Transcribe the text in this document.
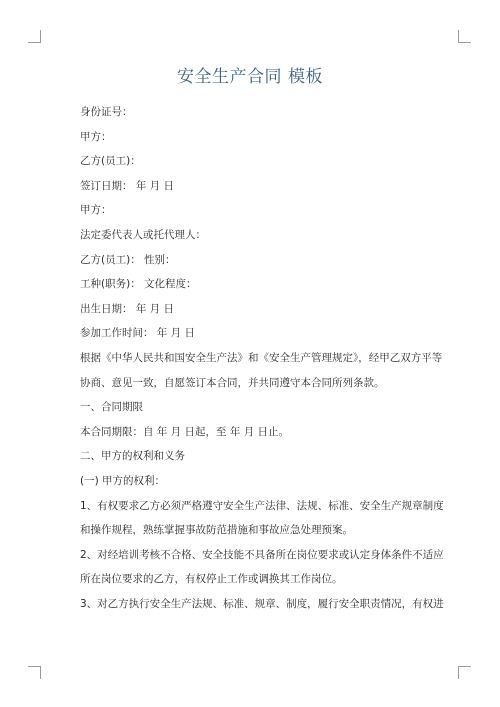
安全生产合同 模板
身份证号：
甲方：
乙方(员工)：
签订日期： 年 月 日
甲方：
法定委代表人或托代理人：
乙方(员工)： 性别：
工种(职务)： 文化程度：
出生日期： 年 月 日
参加工作时间： 年 月 日
根据《中华人民共和国安全生产法》和《安全生产管理规定》，经甲乙双方平等
协商、意见一致，自愿签订本合同，并共同遵守本合同所列条款。
一、合同期限
本合同期限：自 年 月 日起，至 年 月 日止。
二、甲方的权利和义务
(一) 甲方的权利：
1、有权要求乙方必须严格遵守安全生产法律、法规、标准、安全生产规章制度
和操作规程，熟练掌握事故防范措施和事故应急处理预案。
2、对经培训考核不合格、安全技能不具备所在岗位要求或认定身体条件不适应
所在岗位要求的乙方，有权停止工作或调换其工作岗位。
3、对乙方执行安全生产法规、标准、规章、制度，履行安全职责情况，有权进
